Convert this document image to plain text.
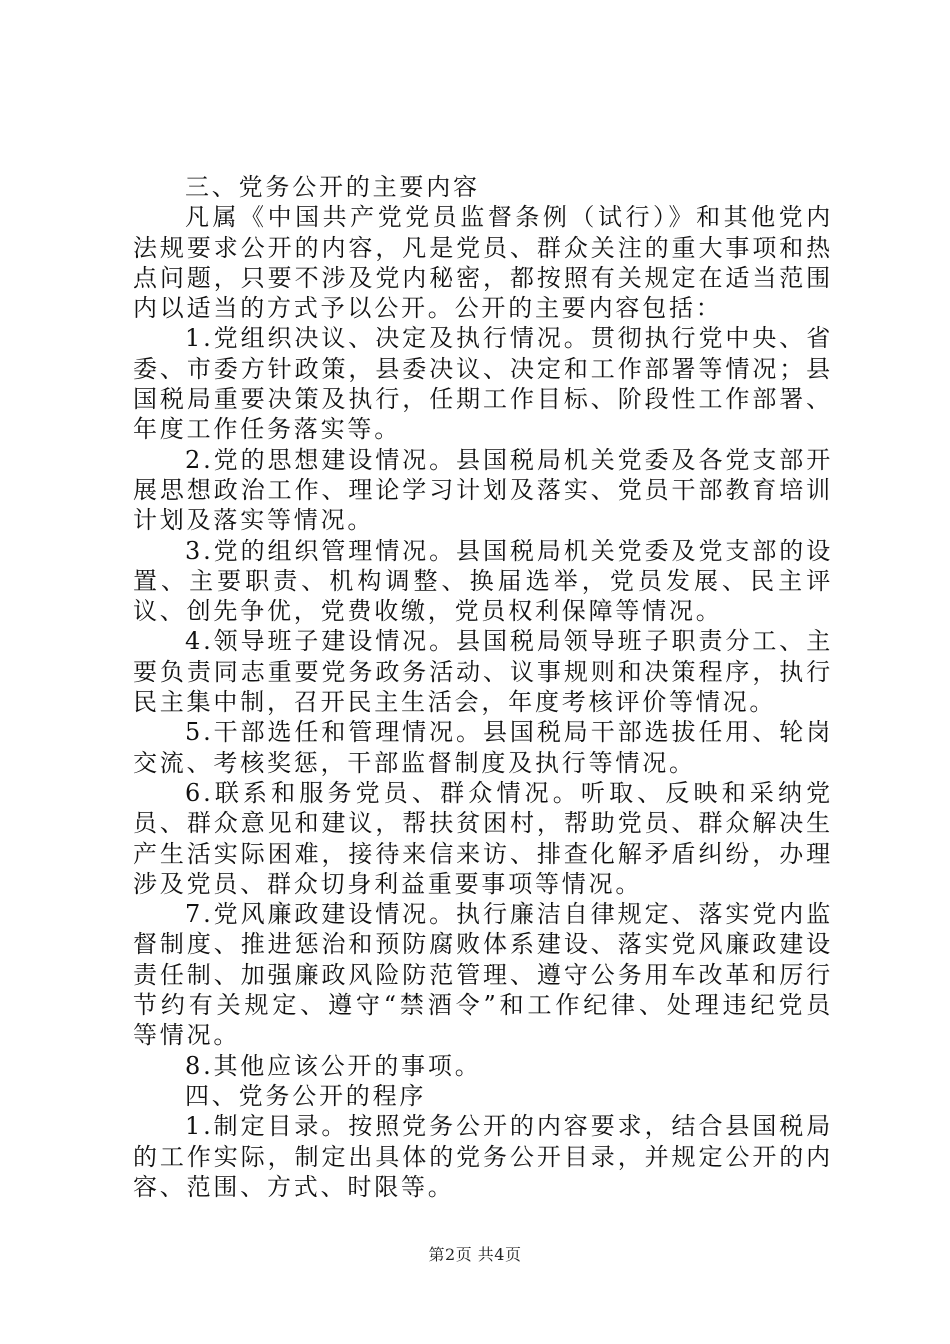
三、党务公开的主要内容

凡属《中国共产党党员监督条例（试行）》和其他党内法规要求公开的内容，凡是党员、群众关注的重大事项和热点问题，只要不涉及党内秘密，都按照有关规定在适当范围内以适当的方式予以公开。公开的主要内容包括：

1.党组织决议、决定及执行情况。贯彻执行党中央、省委、市委方针政策，县委决议、决定和工作部署等情况；县国税局重要决策及执行，任期工作目标、阶段性工作部署、年度工作任务落实等。

2.党的思想建设情况。县国税局机关党委及各党支部开展思想政治工作、理论学习计划及落实、党员干部教育培训计划及落实等情况。

3.党的组织管理情况。县国税局机关党委及党支部的设置、主要职责、机构调整、换届选举，党员发展、民主评议、创先争优，党费收缴，党员权利保障等情况。

4.领导班子建设情况。县国税局领导班子职责分工、主要负责同志重要党务政务活动、议事规则和决策程序，执行民主集中制，召开民主生活会，年度考核评价等情况。

5.干部选任和管理情况。县国税局干部选拔任用、轮岗交流、考核奖惩，干部监督制度及执行等情况。

6.联系和服务党员、群众情况。听取、反映和采纳党员、群众意见和建议，帮扶贫困村，帮助党员、群众解决生产生活实际困难，接待来信来访、排查化解矛盾纠纷，办理涉及党员、群众切身利益重要事项等情况。

7.党风廉政建设情况。执行廉洁自律规定、落实党内监督制度、推进惩治和预防腐败体系建设、落实党风廉政建设责任制、加强廉政风险防范管理、遵守公务用车改革和厉行节约有关规定、遵守“禁酒令”和工作纪律、处理违纪党员等情况。

8.其他应该公开的事项。

四、党务公开的程序

1.制定目录。按照党务公开的内容要求，结合县国税局的工作实际，制定出具体的党务公开目录，并规定公开的内容、范围、方式、时限等。

第2页 共4页
